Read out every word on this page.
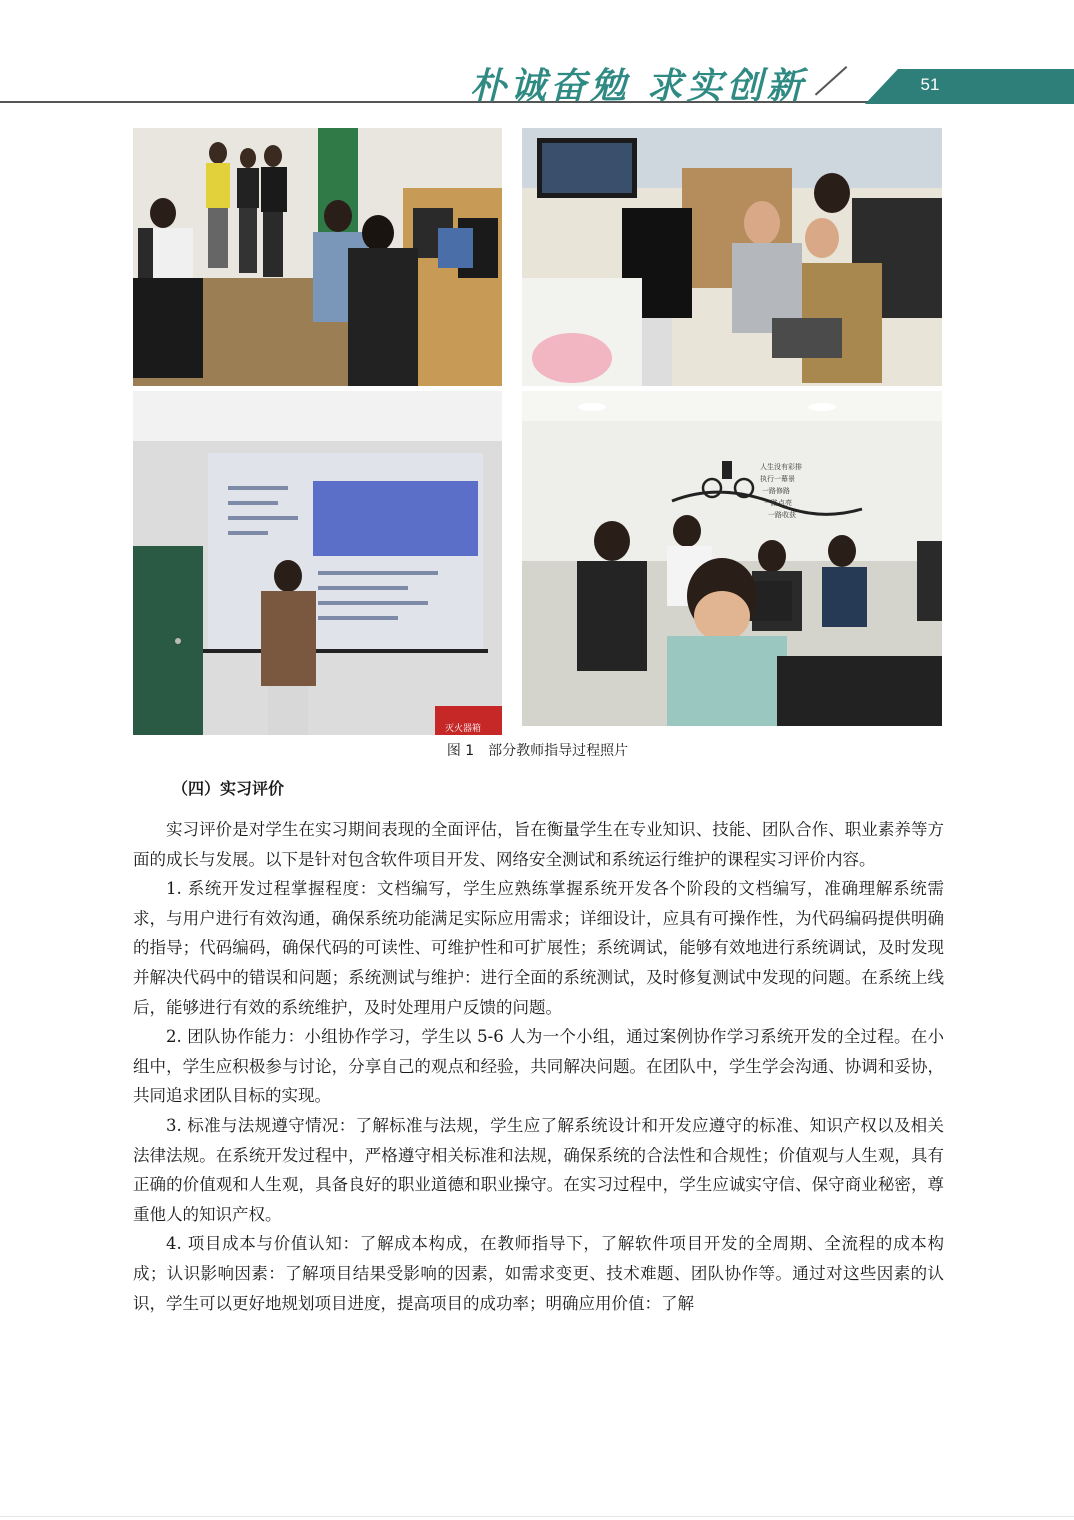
朴诚奋勉 求实创新	51
灭火器箱
人生没有彩排
执行一幕景
一路修路
一路点亮
一路收获
图 1　部分教师指导过程照片
（四）实习评价

实习评价是对学生在实习期间表现的全面评估，旨在衡量学生在专业知识、技能、团队合作、职业素养等方面的成长与发展。以下是针对包含软件项目开发、网络安全测试和系统运行维护的课程实习评价内容。

1. 系统开发过程掌握程度：文档编写，学生应熟练掌握系统开发各个阶段的文档编写，准确理解系统需求，与用户进行有效沟通，确保系统功能满足实际应用需求；详细设计，应具有可操作性，为代码编码提供明确的指导；代码编码，确保代码的可读性、可维护性和可扩展性；系统调试，能够有效地进行系统调试，及时发现并解决代码中的错误和问题；系统测试与维护：进行全面的系统测试，及时修复测试中发现的问题。在系统上线后，能够进行有效的系统维护，及时处理用户反馈的问题。

2. 团队协作能力：小组协作学习，学生以 5-6 人为一个小组，通过案例协作学习系统开发的全过程。在小组中，学生应积极参与讨论，分享自己的观点和经验，共同解决问题。在团队中，学生学会沟通、协调和妥协，共同追求团队目标的实现。

3. 标准与法规遵守情况：了解标准与法规，学生应了解系统设计和开发应遵守的标准、知识产权以及相关法律法规。在系统开发过程中，严格遵守相关标准和法规，确保系统的合法性和合规性；价值观与人生观，具有正确的价值观和人生观，具备良好的职业道德和职业操守。在实习过程中，学生应诚实守信、保守商业秘密，尊重他人的知识产权。

4. 项目成本与价值认知：了解成本构成，在教师指导下，了解软件项目开发的全周期、全流程的成本构成；认识影响因素：了解项目结果受影响的因素，如需求变更、技术难题、团队协作等。通过对这些因素的认识，学生可以更好地规划项目进度，提高项目的成功率；明确应用价值：了解
